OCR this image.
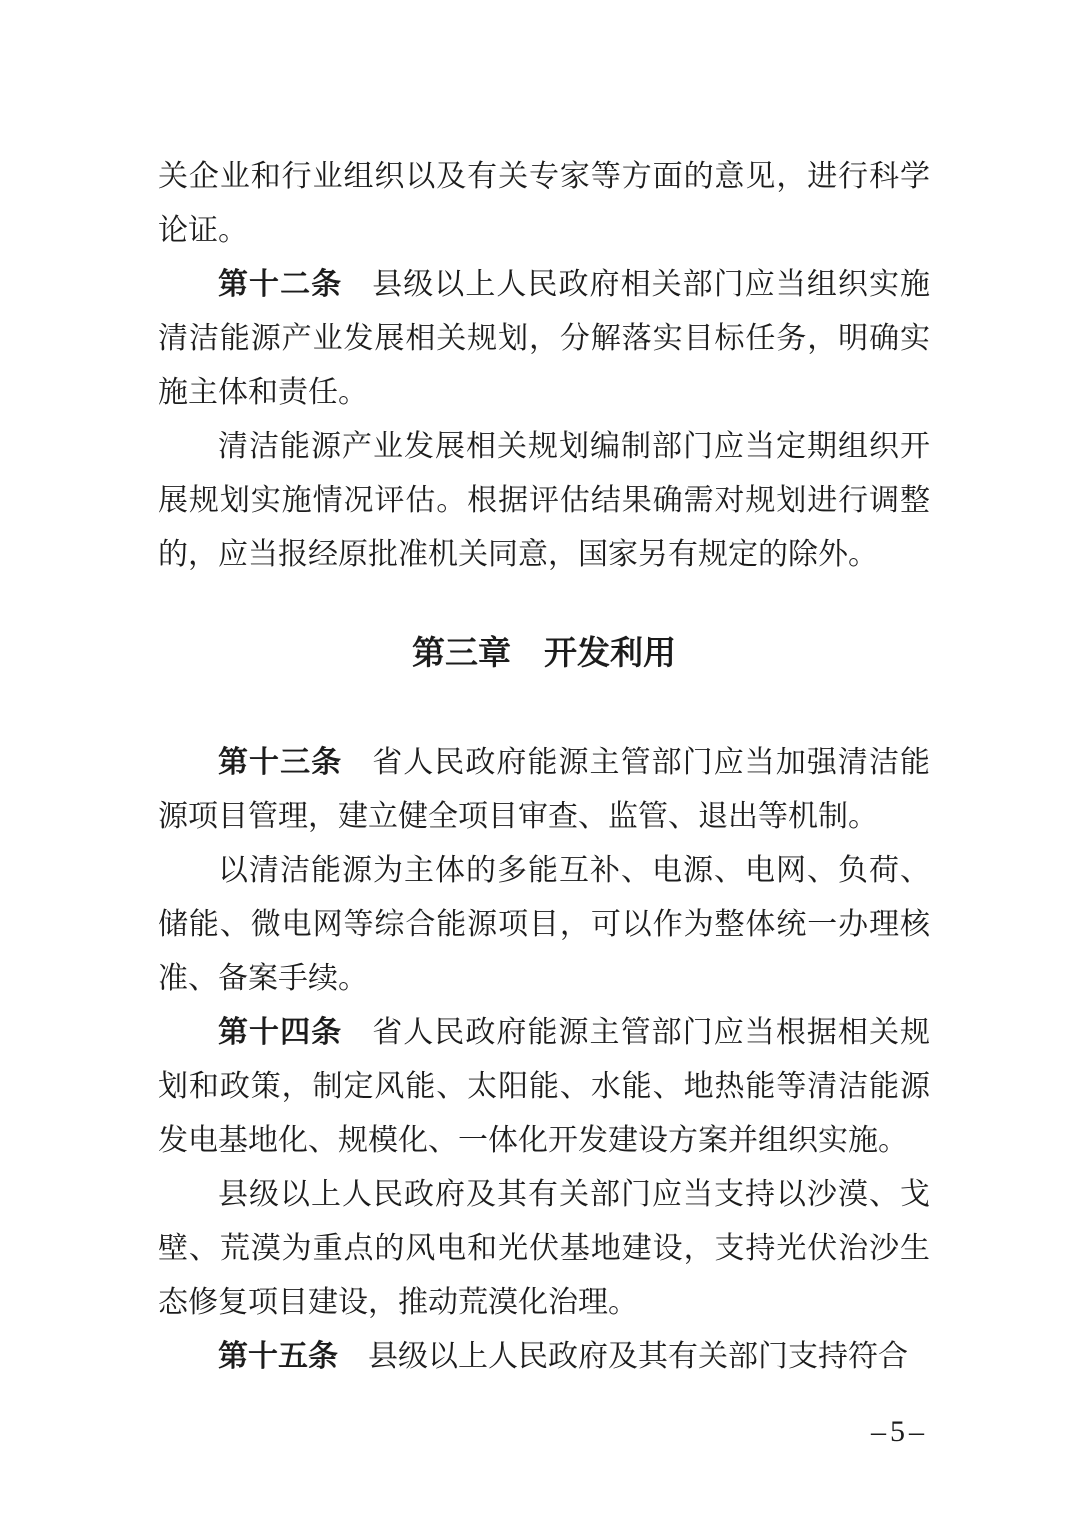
关企业和行业组织以及有关专家等方面的意见，进行科学论证。

第十二条 县级以上人民政府相关部门应当组织实施清洁能源产业发展相关规划，分解落实目标任务，明确实施主体和责任。

清洁能源产业发展相关规划编制部门应当定期组织开展规划实施情况评估。根据评估结果确需对规划进行调整的，应当报经原批准机关同意，国家另有规定的除外。

第三章 开发利用

第十三条 省人民政府能源主管部门应当加强清洁能源项目管理，建立健全项目审查、监管、退出等机制。

以清洁能源为主体的多能互补、电源、电网、负荷、储能、微电网等综合能源项目，可以作为整体统一办理核准、备案手续。

第十四条 省人民政府能源主管部门应当根据相关规划和政策，制定风能、太阳能、水能、地热能等清洁能源发电基地化、规模化、一体化开发建设方案并组织实施。

县级以上人民政府及其有关部门应当支持以沙漠、戈壁、荒漠为重点的风电和光伏基地建设，支持光伏治沙生态修复项目建设，推动荒漠化治理。

第十五条 县级以上人民政府及其有关部门支持符合

–5–
